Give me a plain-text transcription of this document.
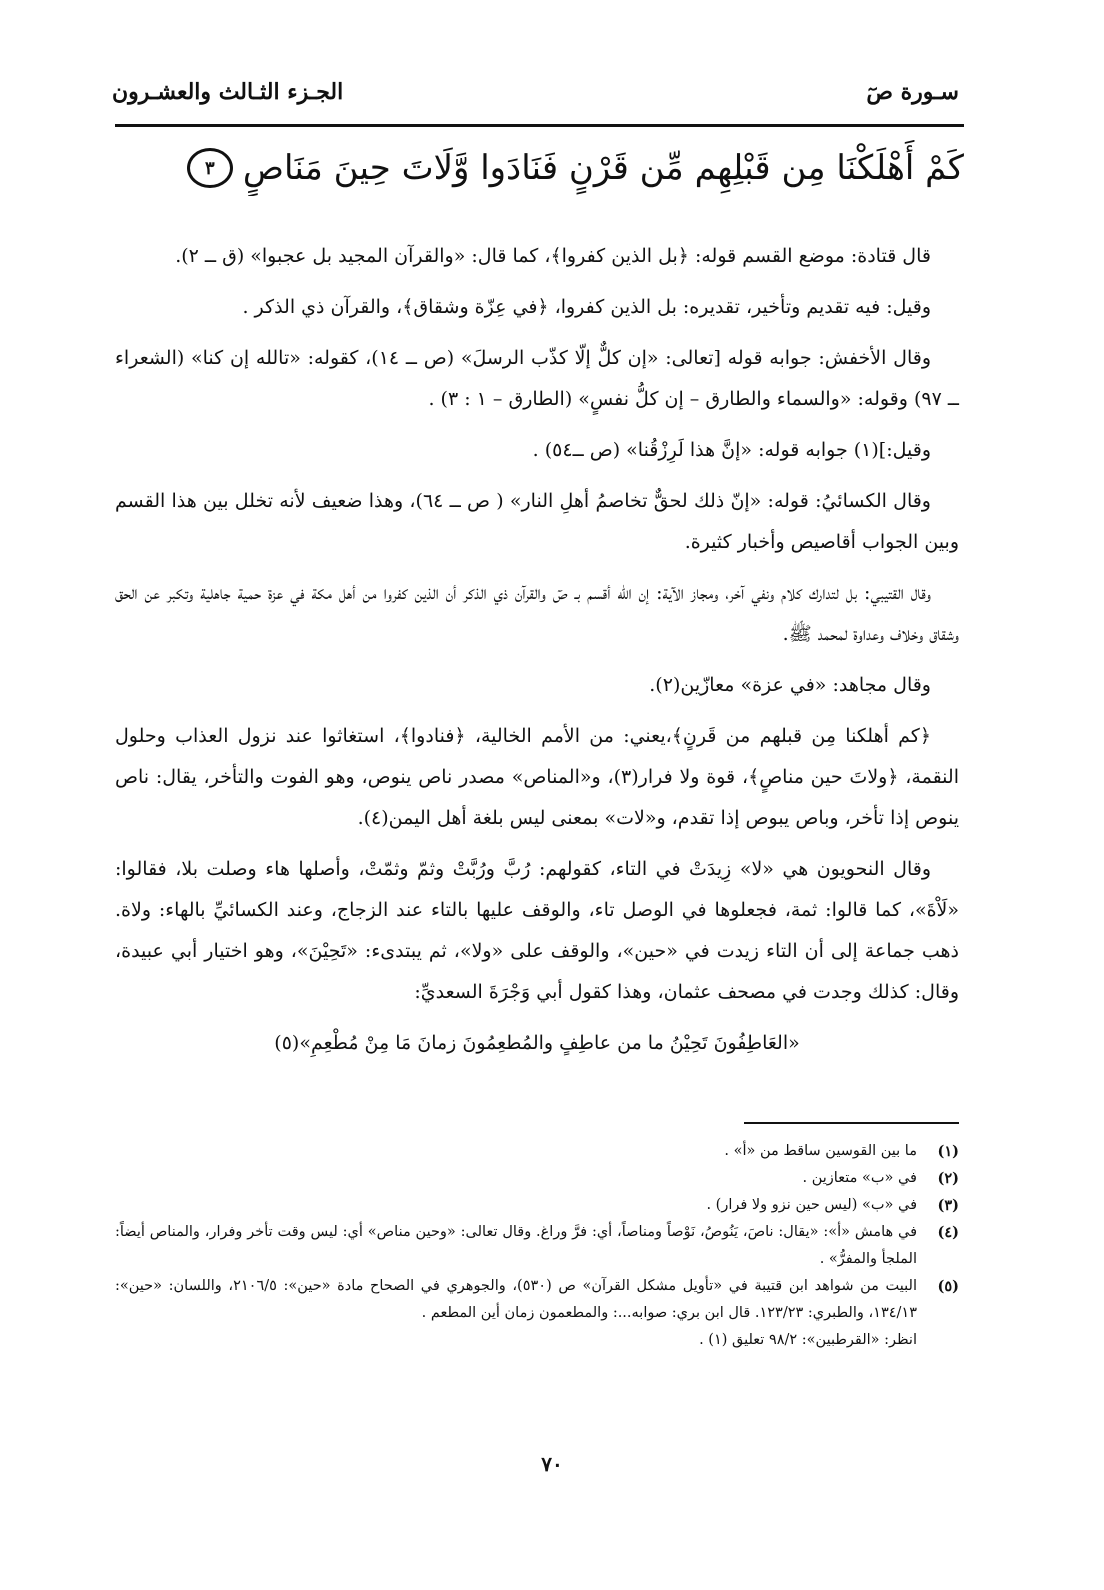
سـورة صٓ
الجـزء الثـالث والعشـرون
كَمْ أَهْلَكْنَا مِن قَبْلِهِم مِّن قَرْنٍ فَنَادَوا وَّلَاتَ حِينَ مَنَاصٍ
٣

قال قتادة: موضع القسم قوله: ﴿بل الذين كفروا﴾، كما قال: «والقرآن المجيد بل عجبوا» (ق ــ ٢).

وقيل: فيه تقديم وتأخير، تقديره: بل الذين كفروا، ﴿في عِزّة وشقاق﴾، والقرآن ذي الذكر .

وقال الأخفش: جوابه قوله [تعالى: «إن كلٌّ إلّا كذّب الرسلَ» (ص ــ ١٤)، كقوله: «تالله إن كنا» (الشعراء ــ ٩٧) وقوله: «والسماء والطارق – إن كلُّ نفسٍ» (الطارق – ١ : ٣) .

وقيل:](١) جوابه قوله: «إنَّ هذا لَرِزْقُنا» (ص ــ٥٤) .

وقال الكسائيُ: قوله: «إنّ ذلك لحقٌّ تخاصمُ أهلِ النار» ( ص ــ ٦٤)، وهذا ضعيف لأنه تخلل بين هذا القسم وبين الجواب أقاصيص وأخبار كثيرة.

وقال القتيبي: بل لتدارك كلام ونفي آخر، ومجاز الآية: إن الله أقسم بـ صٓ والقرآن ذي الذكر أن الذين كفروا من أهل مكة في عزة حمية جاهلية وتكبر عن الحق وشقاق وخلاف وعداوة لمحمد ﷺ.

وقال مجاهد: «في عزة» معازّين(٢).

﴿كم أهلكنا مِن قبلهم من قَرنٍ﴾،يعني: من الأمم الخالية، ﴿فنادوا﴾، استغاثوا عند نزول العذاب وحلول النقمة، ﴿ولاتَ حين مناصٍ﴾، قوة ولا فرار(٣)، و«المناص» مصدر ناص ينوص، وهو الفوت والتأخر، يقال: ناص ينوص إذا تأخر، وباص يبوص إذا تقدم، و«لات» بمعنى ليس بلغة أهل اليمن(٤).

وقال النحويون هي «لا» زِيدَتْ في التاء، كقولهم: رُبَّ ورُبَّتْ وثمّ وثمّتْ، وأصلها هاء وصلت بلا، فقالوا: «لَاْةَ»، كما قالوا: ثمة، فجعلوها في الوصل تاء، والوقف عليها بالتاء عند الزجاج، وعند الكسائيِّ بالهاء: ولاة. ذهب جماعة إلى أن التاء زيدت في «حين»، والوقف على «ولا»، ثم يبتدىء: «تَحِيْنَ»، وهو اختيار أبي عبيدة، وقال: كذلك وجدت في مصحف عثمان، وهذا كقول أبي وَجْرَةَ السعديِّ:

«العَاطِفُونَ تَحِيْنُ ما من عاطِفٍ والمُطعِمُونَ زمانَ مَا مِنْ مُطْعِمِ»(٥)

(١)
ما بين القوسين ساقط من «أ» .
(٢)
في «ب» متعازين .
(٣)
في «ب» (ليس حين نزو ولا فرار) .
(٤)
في هامش «أ»: «يقال: ناصَ، يَنُوصُ، نَوْصاً ومناصاً، أي: فرَّ وراغ. وقال تعالى: «وحين مناص» أي: ليس وقت تأخر وفرار، والمناص أيضاً: الملجأ والمفرُّ» .
(٥)
البيت من شواهد ابن قتيبة في «تأويل مشكل القرآن» ص (٥٣٠)، والجوهري في الصحاح مادة «حين»: ٢١٠٦/٥، واللسان: «حين»: ١٣٤/١٣، والطبري: ١٢٣/٢٣. قال ابن بري: صوابه...: والمطعمون زمان أين المطعم .
انظر: «القرطبين»: ٩٨/٢ تعليق (١) .
٧٠
